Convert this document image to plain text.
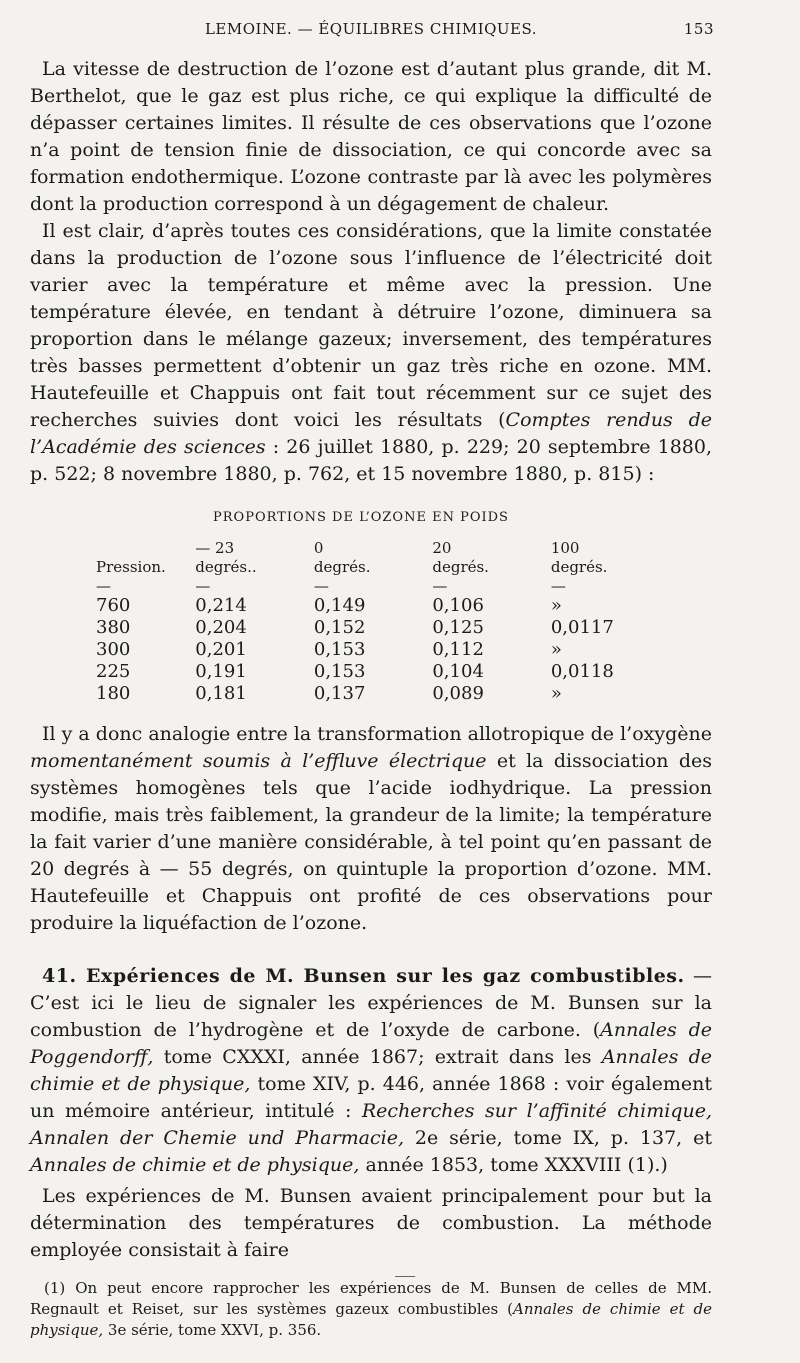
LEMOINE. — ÉQUILIBRES CHIMIQUES.	153

La vitesse de destruction de l’ozone est d’autant plus grande, dit M. Berthelot, que le gaz est plus riche, ce qui explique la difficulté de dépasser certaines limites. Il résulte de ces observations que l’ozone n’a point de tension finie de dissociation, ce qui concorde avec sa formation endothermique. L’ozone contraste par là avec les polymères dont la production correspond à un dégagement de chaleur.

Il est clair, d’après toutes ces considérations, que la limite constatée dans la production de l’ozone sous l’influence de l’électricité doit varier avec la température et même avec la pression. Une température élevée, en tendant à détruire l’ozone, diminuera sa proportion dans le mélange gazeux; inversement, des températures très basses permettent d’obtenir un gaz très riche en ozone. MM. Hautefeuille et Chappuis ont fait tout récemment sur ce sujet des recherches suivies dont voici les résultats (Comptes rendus de l’Académie des sciences : 26 juillet 1880, p. 229; 20 septembre 1880, p. 522; 8 novembre 1880, p. 762, et 15 novembre 1880, p. 815) :

PROPORTIONS DE L’OZONE EN POIDS
	— 23	0	20	100
Pression.	degrés..	degrés.	degrés.	degrés.
—	—	—	—	—
760	0,214	0,149	0,106	»
380	0,204	0,152	0,125	0,0117
300	0,201	0,153	0,112	»
225	0,191	0,153	0,104	0,0118
180	0,181	0,137	0,089	»

Il y a donc analogie entre la transformation allotropique de l’oxygène momentanément soumis à l’effluve électrique et la dissociation des systèmes homogènes tels que l’acide iodhydrique. La pression modifie, mais très faiblement, la grandeur de la limite; la température la fait varier d’une manière considérable, à tel point qu’en passant de 20 degrés à — 55 degrés, on quintuple la proportion d’ozone. MM. Hautefeuille et Chappuis ont profité de ces observations pour produire la liquéfaction de l’ozone.

41. Expériences de M. Bunsen sur les gaz combustibles. — C’est ici le lieu de signaler les expériences de M. Bunsen sur la combustion de l’hydrogène et de l’oxyde de carbone. (Annales de Poggendorff, tome CXXXI, année 1867; extrait dans les Annales de chimie et de physique, tome XIV, p. 446, année 1868 : voir également un mémoire antérieur, intitulé : Recherches sur l’affinité chimique, Annalen der Chemie und Pharmacie, 2e série, tome IX, p. 137, et Annales de chimie et de physique, année 1853, tome XXXVIII (1).)

Les expériences de M. Bunsen avaient principalement pour but la détermination des températures de combustion. La méthode employée consistait à faire

(1) On peut encore rapprocher les expériences de M. Bunsen de celles de MM. Regnault et Reiset, sur les systèmes gazeux combustibles (Annales de chimie et de physique, 3e série, tome XXVI, p. 356.
